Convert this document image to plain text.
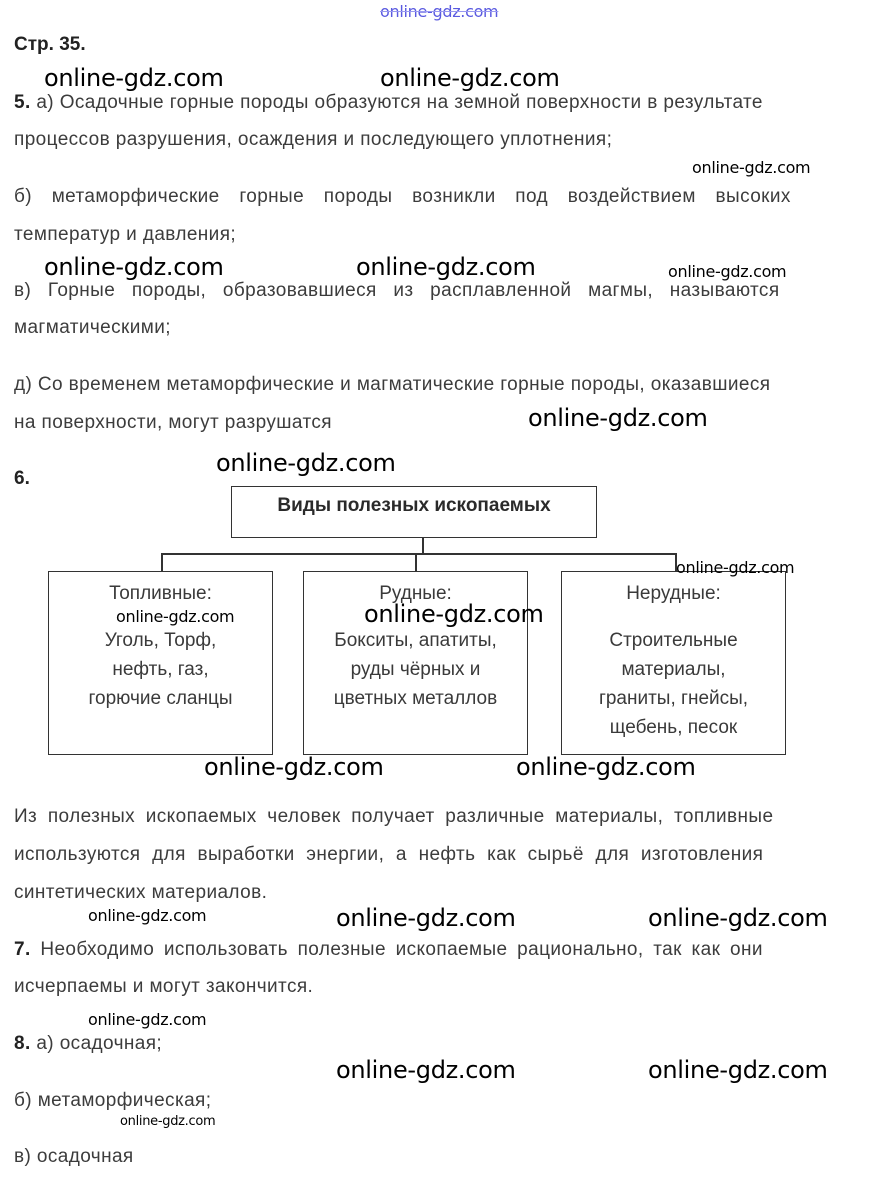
online-gdz.com
Стр. 35.
5. а) Осадочные горные породы образуются на земной поверхности в результате
процессов разрушения, осаждения и последующего уплотнения;
б) метаморфические горные породы возникли под воздействием высоких
температур и давления;
в) Горные породы, образовавшиеся из расплавленной магмы, называются
магматическими;
д) Со временем метаморфические и магматические горные породы, оказавшиеся
на поверхности, могут разрушатся
6.
Виды полезных ископаемых
Топливные:
Уголь, Торф,
нефть, газ,
горючие сланцы
Рудные:
Бокситы, апатиты,
руды чёрных и
цветных металлов
Нерудные:
Строительные
материалы,
граниты, гнейсы,
щебень, песок
Из полезных ископаемых человек получает различные материалы, топливные
используются для выработки энергии, а нефть как сырьё для изготовления
синтетических материалов.
7. Необходимо использовать полезные ископаемые рационально, так как они
исчерпаемы и могут закончится.
8. а) осадочная;
б) метаморфическая;
в) осадочная
online-gdz.com	online-gdz.com
online-gdz.com
online-gdz.com	online-gdz.com	online-gdz.com
online-gdz.com
online-gdz.com
online-gdz.com
online-gdz.com	online-gdz.com
online-gdz.com	online-gdz.com
online-gdz.com	online-gdz.com	online-gdz.com
online-gdz.com
online-gdz.com	online-gdz.com
online-gdz.com
